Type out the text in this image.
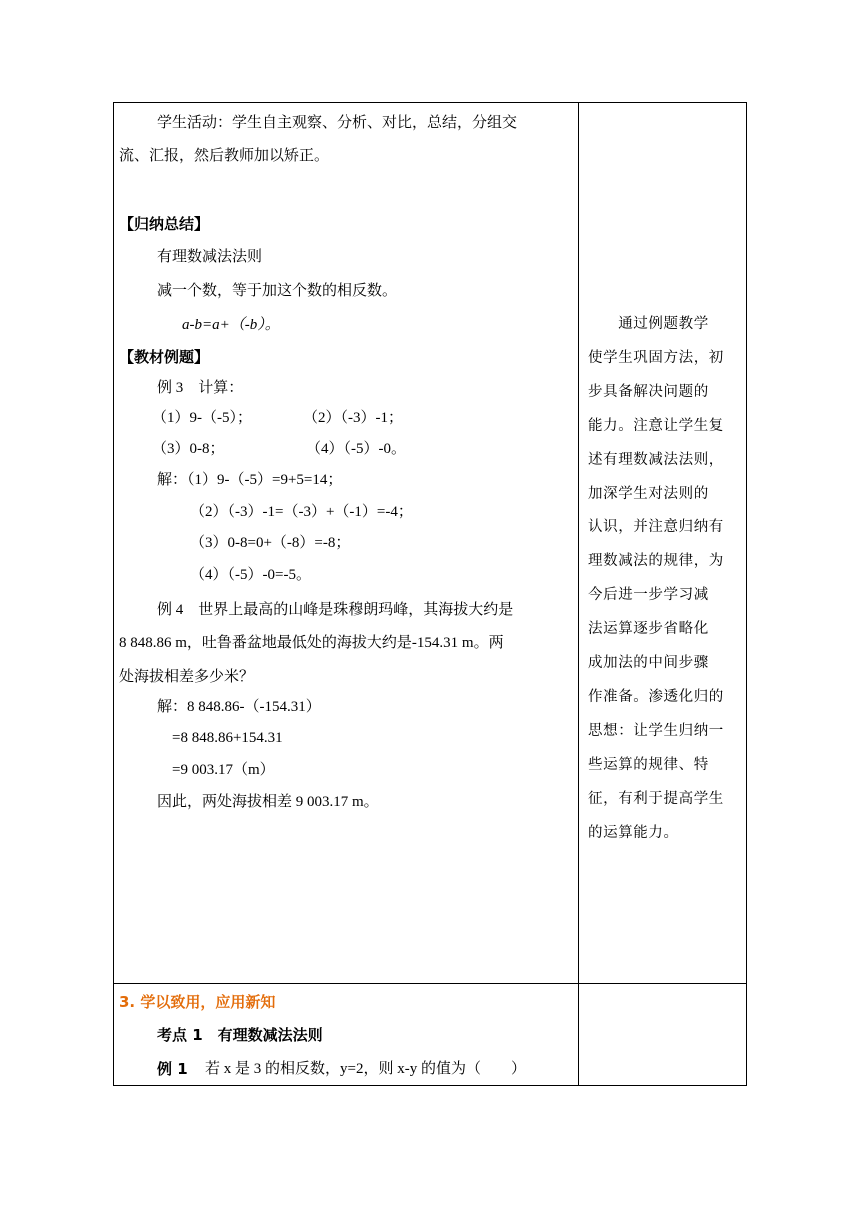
学生活动：学生自主观察、分析、对比，总结，分组交
流、汇报，然后教师加以矫正。
【归纳总结】
有理数减法法则
减一个数，等于加这个数的相反数。
a-b=a+（-b）。
【教材例题】
例 3　计算：
（1）9-（-5）；	（2）（-3）-1；
（3）0-8；	（4）（-5）-0。
解：（1）9-（-5）=9+5=14；
（2）（-3）-1=（-3）+（-1）=-4；
（3）0-8=0+（-8）=-8；
（4）（-5）-0=-5。
例 4　世界上最高的山峰是珠穆朗玛峰，其海拔大约是
8 848.86 m，吐鲁番盆地最低处的海拔大约是-154.31 m。两
处海拔相差多少米？
解：8 848.86-（-154.31）
=8 848.86+154.31
=9 003.17（m）
因此，两处海拔相差 9 003.17 m。
　　通过例题教学
使学生巩固方法，初
步具备解决问题的
能力。注意让学生复
述有理数减法法则，
加深学生对法则的
认识，并注意归纳有
理数减法的规律，为
今后进一步学习减
法运算逐步省略化
成加法的中间步骤
作准备。渗透化归的
思想：让学生归纳一
些运算的规律、特
征，有利于提高学生
的运算能力。
3. 学以致用，应用新知
考点 1　有理数减法法则
例 1 若 x 是 3 的相反数，y=2，则 x-y 的值为（　　）
